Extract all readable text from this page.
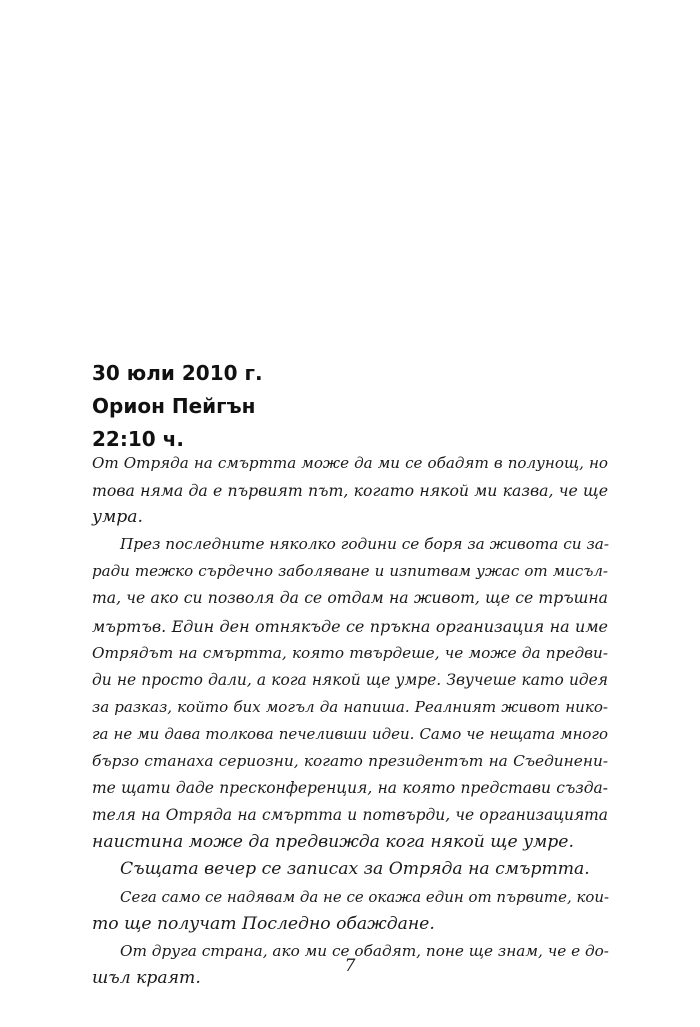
30 юли 2010 г.
Орион Пейгън
22:10 ч.
От Отряда на смъртта може да ми се обадят в полунощ, но
това няма да е първият път, когато някой ми казва, че ще
умра.
През последните няколко години се боря за живота си за-
ради тежко сърдечно заболяване и изпитвам ужас от мисъл-
та, че ако си позволя да се отдам на живот, ще се тръшна
мъртъв. Един ден отнякъде се пръкна организация на име
Отрядът на смъртта, която твърдеше, че може да предви-
ди не просто дали, а кога някой ще умре. Звучеше като идея
за разказ, който бих могъл да напиша. Реалният живот нико-
га не ми дава толкова печеливши идеи. Само че нещата много
бързо станаха сериозни, когато президентът на Съединени-
те щати даде пресконференция, на която представи създа-
теля на Отряда на смъртта и потвърди, че организацията
наистина може да предвижда кога някой ще умре.
Същата вечер се записах за Отряда на смъртта.
Сега само се надявам да не се окажа един от първите, кои-
то ще получат Последно обаждане.
От друга страна, ако ми се обадят, поне ще знам, че е до-
шъл краят.
7
